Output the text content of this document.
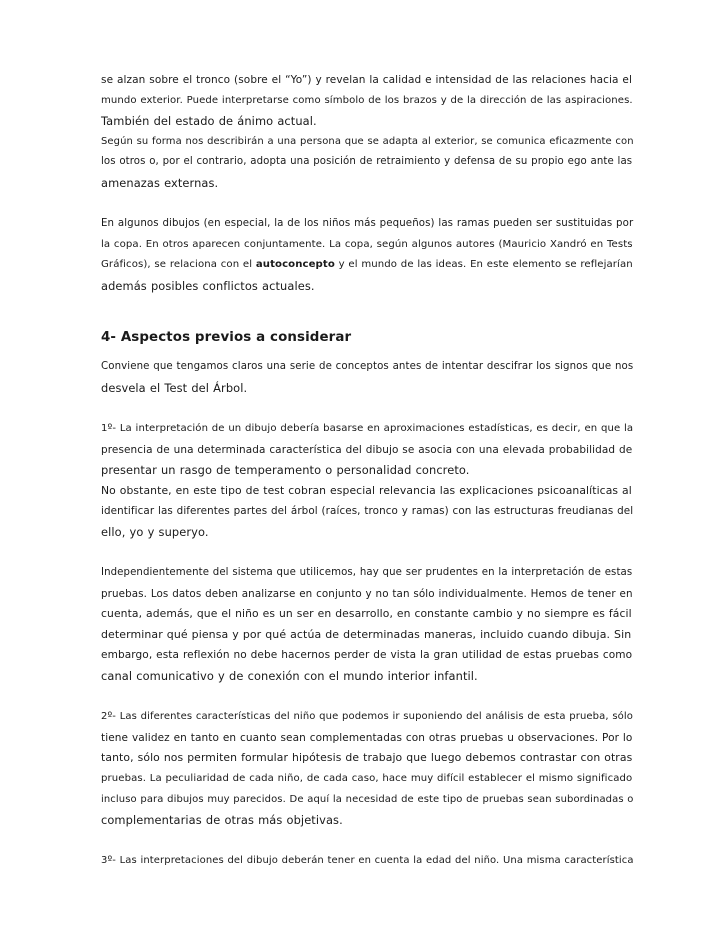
se alzan sobre el tronco (sobre el “Yo”) y revelan la calidad e intensidad de las relaciones hacia el
mundo exterior. Puede interpretarse como símbolo de los brazos y de la dirección de las aspiraciones.
También del estado de ánimo actual.
Según su forma nos describirán a una persona que se adapta al exterior, se comunica eficazmente con
los otros o, por el contrario, adopta una posición de retraimiento y defensa de su propio ego ante las
amenazas externas.
En algunos dibujos (en especial, la de los niños más pequeños) las ramas pueden ser sustituidas por
la copa. En otros aparecen conjuntamente. La copa, según algunos autores (Mauricio Xandró en Tests
Gráficos), se relaciona con el autoconcepto y el mundo de las ideas. En este elemento se reflejarían
además posibles conflictos actuales.
4- Aspectos previos a considerar
Conviene que tengamos claros una serie de conceptos antes de intentar descifrar los signos que nos
desvela el Test del Árbol.
1º- La interpretación de un dibujo debería basarse en aproximaciones estadísticas, es decir, en que la
presencia de una determinada característica del dibujo se asocia con una elevada probabilidad de
presentar un rasgo de temperamento o personalidad concreto.
No obstante, en este tipo de test cobran especial relevancia las explicaciones psicoanalíticas al
identificar las diferentes partes del árbol (raíces, tronco y ramas) con las estructuras freudianas del
ello, yo y superyo.
Independientemente del sistema que utilicemos, hay que ser prudentes en la interpretación de estas
pruebas. Los datos deben analizarse en conjunto y no tan sólo individualmente. Hemos de tener en
cuenta, además, que el niño es un ser en desarrollo, en constante cambio y no siempre es fácil
determinar qué piensa y por qué actúa de determinadas maneras, incluido cuando dibuja. Sin
embargo, esta reflexión no debe hacernos perder de vista la gran utilidad de estas pruebas como
canal comunicativo y de conexión con el mundo interior infantil.
2º- Las diferentes características del niño que podemos ir suponiendo del análisis de esta prueba, sólo
tiene validez en tanto en cuanto sean complementadas con otras pruebas u observaciones. Por lo
tanto, sólo nos permiten formular hipótesis de trabajo que luego debemos contrastar con otras
pruebas. La peculiaridad de cada niño, de cada caso, hace muy difícil establecer el mismo significado
incluso para dibujos muy parecidos. De aquí la necesidad de este tipo de pruebas sean subordinadas o
complementarias de otras más objetivas.
3º- Las interpretaciones del dibujo deberán tener en cuenta la edad del niño. Una misma característica
